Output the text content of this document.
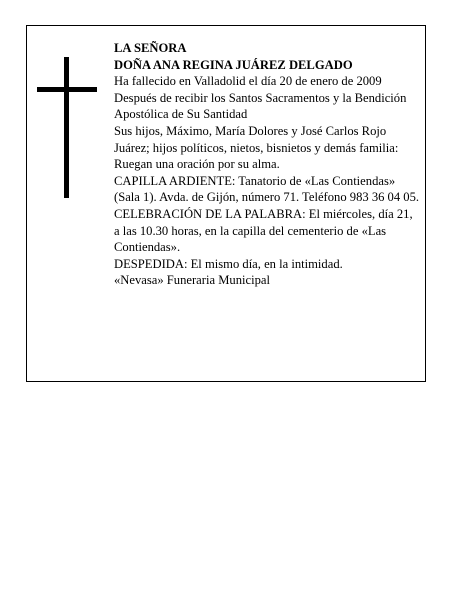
LA SEÑORA

DOÑA ANA REGINA JUÁREZ DELGADO

Ha fallecido en Valladolid el día 20 de enero de 2009

Después de recibir los Santos Sacramentos y la Bendición Apostólica de Su Santidad

Sus hijos, Máximo, María Dolores y José Carlos Rojo Juárez; hijos políticos, nietos, bisnietos y demás familia:

Ruegan una oración por su alma.

CAPILLA ARDIENTE: Tanatorio de «Las Contiendas» (Sala 1). Avda. de Gijón, número 71. Teléfono 983 36 04 05.

CELEBRACIÓN DE LA PALABRA: El miércoles, día 21, a las 10.30 horas, en la capilla del cementerio de «Las Contiendas».

DESPEDIDA: El mismo día, en la intimidad.

«Nevasa» Funeraria Municipal
